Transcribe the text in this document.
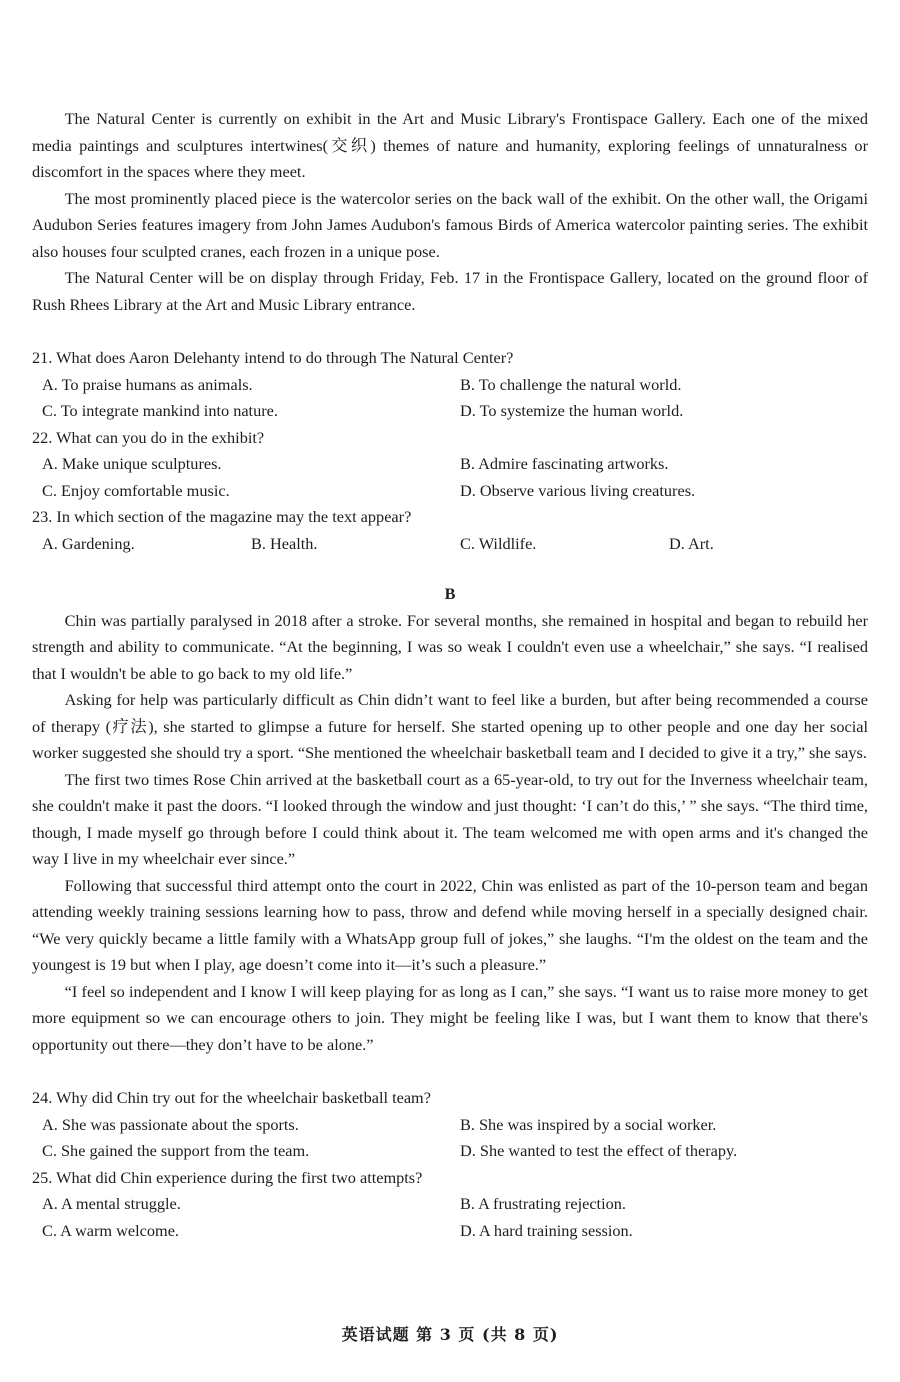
The Natural Center is currently on exhibit in the Art and Music Library's Frontispace Gallery. Each one of the mixed media paintings and sculptures intertwines(交织) themes of nature and humanity, exploring feelings of unnaturalness or discomfort in the spaces where they meet.

The most prominently placed piece is the watercolor series on the back wall of the exhibit. On the other wall, the Origami Audubon Series features imagery from John James Audubon's famous Birds of America watercolor painting series. The exhibit also houses four sculpted cranes, each frozen in a unique pose.

The Natural Center will be on display through Friday, Feb. 17 in the Frontispace Gallery, located on the ground floor of Rush Rhees Library at the Art and Music Library entrance.

21. What does Aaron Delehanty intend to do through The Natural Center?

A. To praise humans as animals.	B. To challenge the natural world.
C. To integrate mankind into nature.	D. To systemize the human world.

22. What can you do in the exhibit?

A. Make unique sculptures.	B. Admire fascinating artworks.
C. Enjoy comfortable music.	D. Observe various living creatures.

23. In which section of the magazine may the text appear?

A. Gardening.	B. Health.	C. Wildlife.	D. Art.

B

Chin was partially paralysed in 2018 after a stroke. For several months, she remained in hospital and began to rebuild her strength and ability to communicate. “At the beginning, I was so weak I couldn't even use a wheelchair,” she says. “I realised that I wouldn't be able to go back to my old life.”

Asking for help was particularly difficult as Chin didn’t want to feel like a burden, but after being recommended a course of therapy (疗法), she started to glimpse a future for herself. She started opening up to other people and one day her social worker suggested she should try a sport. “She mentioned the wheelchair basketball team and I decided to give it a try,” she says.

The first two times Rose Chin arrived at the basketball court as a 65-year-old, to try out for the Inverness wheelchair team, she couldn't make it past the doors. “I looked through the window and just thought: ‘I can’t do this,’ ” she says. “The third time, though, I made myself go through before I could think about it. The team welcomed me with open arms and it's changed the way I live in my wheelchair ever since.”

Following that successful third attempt onto the court in 2022, Chin was enlisted as part of the 10-person team and began attending weekly training sessions learning how to pass, throw and defend while moving herself in a specially designed chair. “We very quickly became a little family with a WhatsApp group full of jokes,” she laughs. “I'm the oldest on the team and the youngest is 19 but when I play, age doesn’t come into it—it’s such a pleasure.”

“I feel so independent and I know I will keep playing for as long as I can,” she says. “I want us to raise more money to get more equipment so we can encourage others to join. They might be feeling like I was, but I want them to know that there's opportunity out there—they don’t have to be alone.”

24. Why did Chin try out for the wheelchair basketball team?

A. She was passionate about the sports.	B. She was inspired by a social worker.
C. She gained the support from the team.	D. She wanted to test the effect of therapy.

25. What did Chin experience during the first two attempts?

A. A mental struggle.	B. A frustrating rejection.
C. A warm welcome.	D. A hard training session.
英语试题 第 3 页 (共 8 页)
